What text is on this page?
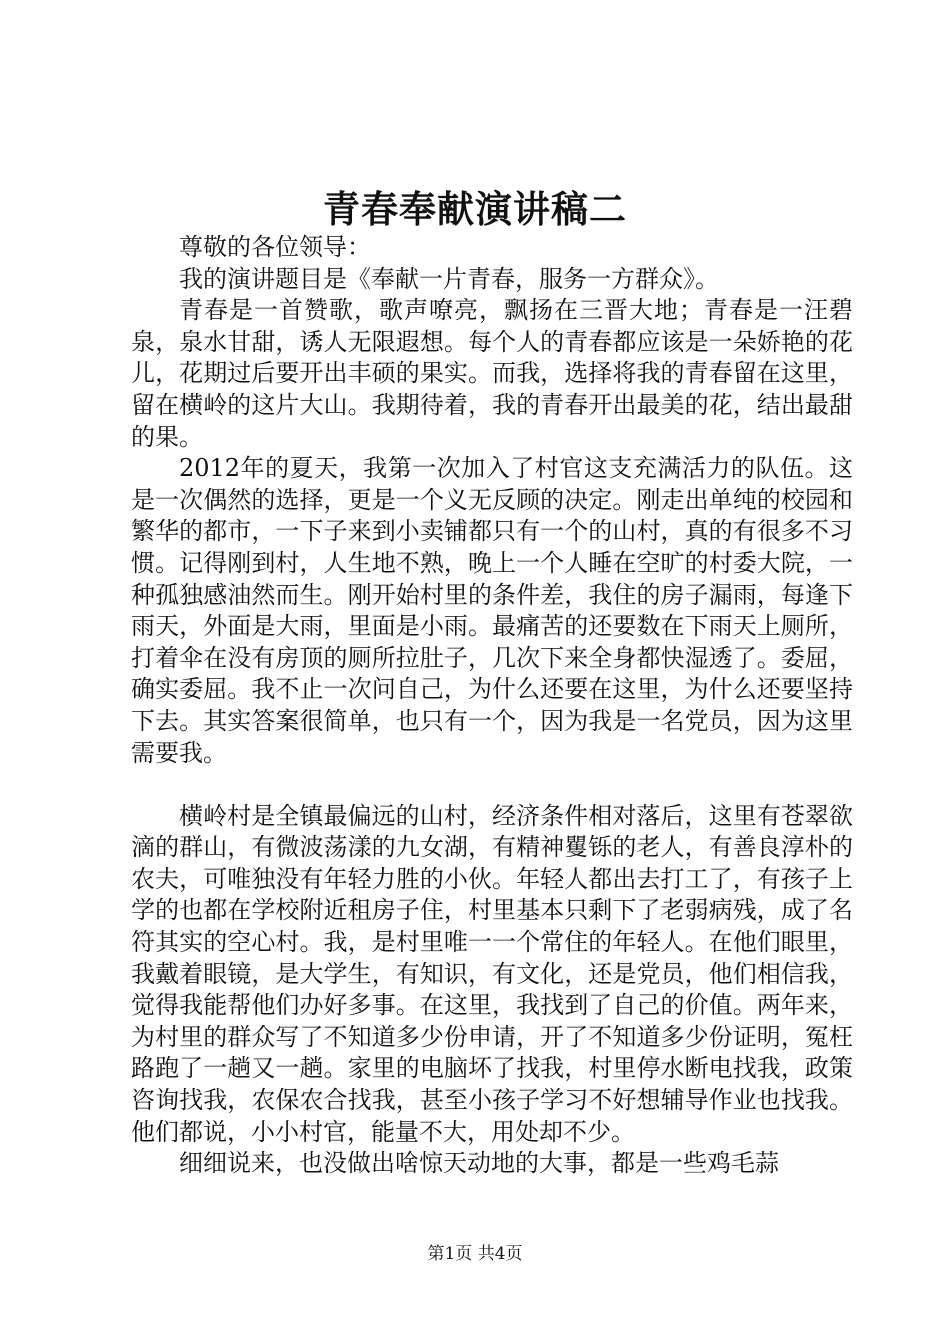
青春奉献演讲稿二

尊敬的各位领导：

我的演讲题目是《奉献一片青春，服务一方群众》。

青春是一首赞歌，歌声嘹亮，飘扬在三晋大地；青春是一汪碧泉，泉水甘甜，诱人无限遐想。每个人的青春都应该是一朵娇艳的花儿，花期过后要开出丰硕的果实。而我，选择将我的青春留在这里，留在横岭的这片大山。我期待着，我的青春开出最美的花，结出最甜的果。

2012年的夏天，我第一次加入了村官这支充满活力的队伍。这是一次偶然的选择，更是一个义无反顾的决定。刚走出单纯的校园和繁华的都市，一下子来到小卖铺都只有一个的山村，真的有很多不习惯。记得刚到村，人生地不熟，晚上一个人睡在空旷的村委大院，一种孤独感油然而生。刚开始村里的条件差，我住的房子漏雨，每逢下雨天，外面是大雨，里面是小雨。最痛苦的还要数在下雨天上厕所，打着伞在没有房顶的厕所拉肚子，几次下来全身都快湿透了。委屈，确实委屈。我不止一次问自己，为什么还要在这里，为什么还要坚持下去。其实答案很简单，也只有一个，因为我是一名党员，因为这里需要我。

横岭村是全镇最偏远的山村，经济条件相对落后，这里有苍翠欲滴的群山，有微波荡漾的九女湖，有精神矍铄的老人，有善良淳朴的农夫，可唯独没有年轻力胜的小伙。年轻人都出去打工了，有孩子上学的也都在学校附近租房子住，村里基本只剩下了老弱病残，成了名符其实的空心村。我，是村里唯一一个常住的年轻人。在他们眼里，我戴着眼镜，是大学生，有知识，有文化，还是党员，他们相信我，觉得我能帮他们办好多事。在这里，我找到了自己的价值。两年来，为村里的群众写了不知道多少份申请，开了不知道多少份证明，冤枉路跑了一趟又一趟。家里的电脑坏了找我，村里停水断电找我，政策咨询找我，农保农合找我，甚至小孩子学习不好想辅导作业也找我。他们都说，小小村官，能量不大，用处却不少。

细细说来，也没做出啥惊天动地的大事，都是一些鸡毛蒜

第1页 共4页
